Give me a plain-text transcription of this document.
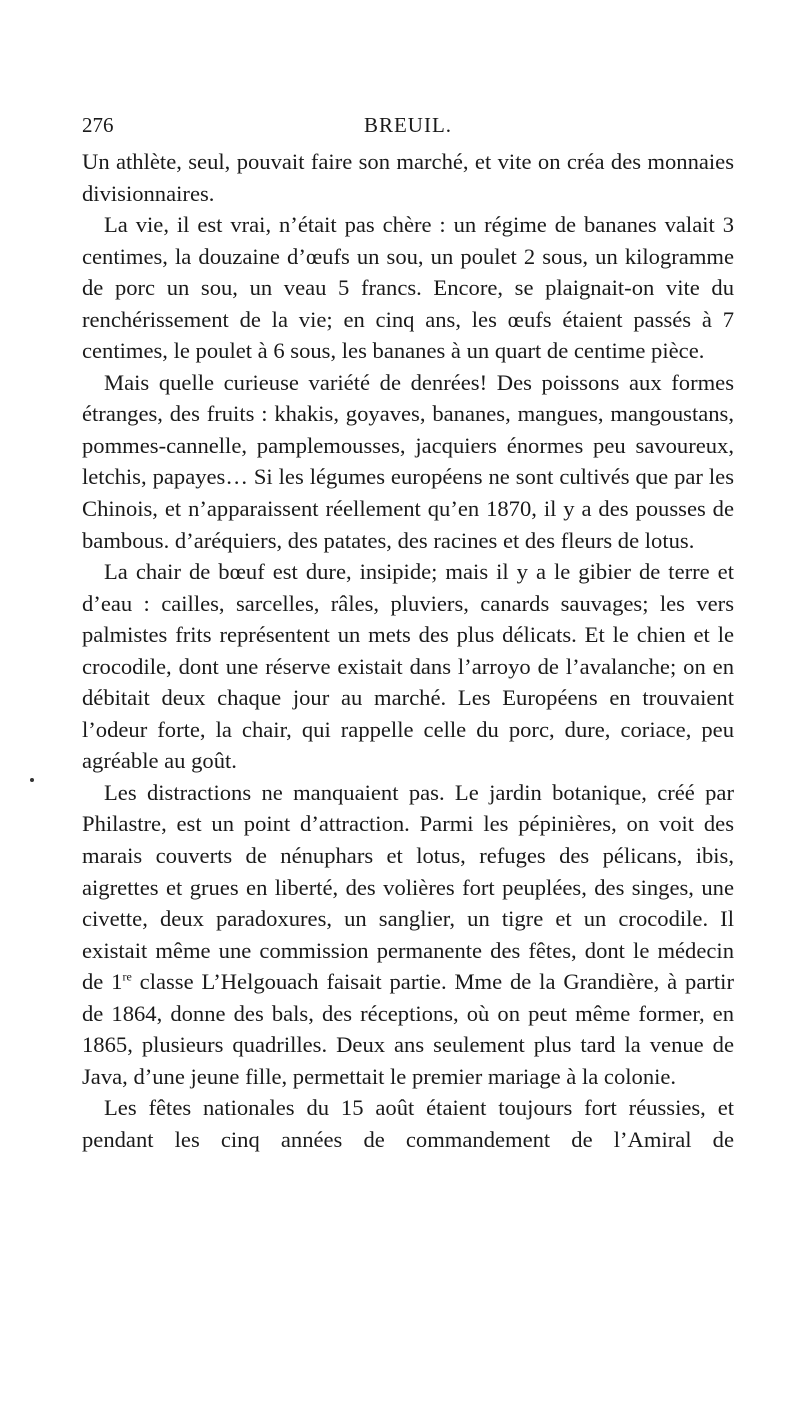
276	BREUIL.

Un athlète, seul, pouvait faire son marché, et vite on créa des monnaies divisionnaires.

La vie, il est vrai, n’était pas chère : un régime de bananes valait 3 centimes, la douzaine d’œufs un sou, un poulet 2 sous, un kilogramme de porc un sou, un veau 5 francs. Encore, se plaignait-on vite du renchérissement de la vie; en cinq ans, les œufs étaient passés à 7 centimes, le poulet à 6 sous, les bananes à un quart de centime pièce.

Mais quelle curieuse variété de denrées! Des poissons aux formes étranges, des fruits : khakis, goyaves, bananes, mangues, mangoustans, pommes-cannelle, pamplemousses, jacquiers énormes peu savoureux, letchis, papayes… Si les légumes européens ne sont cultivés que par les Chinois, et n’apparaissent réellement qu’en 1870, il y a des pousses de bambous. d’aréquiers, des patates, des racines et des fleurs de lotus.

La chair de bœuf est dure, insipide; mais il y a le gibier de terre et d’eau : cailles, sarcelles, râles, pluviers, canards sauvages; les vers palmistes frits représentent un mets des plus délicats. Et le chien et le crocodile, dont une réserve existait dans l’arroyo de l’avalanche; on en débitait deux chaque jour au marché. Les Européens en trouvaient l’odeur forte, la chair, qui rappelle celle du porc, dure, coriace, peu agréable au goût.

Les distractions ne manquaient pas. Le jardin botanique, créé par Philastre, est un point d’attraction. Parmi les pépinières, on voit des marais couverts de nénuphars et lotus, refuges des pélicans, ibis, aigrettes et grues en liberté, des volières fort peuplées, des singes, une civette, deux paradoxures, un sanglier, un tigre et un crocodile. Il existait même une commission permanente des fêtes, dont le médecin de 1re classe L’Helgouach faisait partie. Mme de la Grandière, à partir de 1864, donne des bals, des réceptions, où on peut même former, en 1865, plusieurs quadrilles. Deux ans seulement plus tard la venue de Java, d’une jeune fille, permettait le premier mariage à la colonie.

Les fêtes nationales du 15 août étaient toujours fort réussies, et pendant les cinq années de commandement de l’Amiral de
